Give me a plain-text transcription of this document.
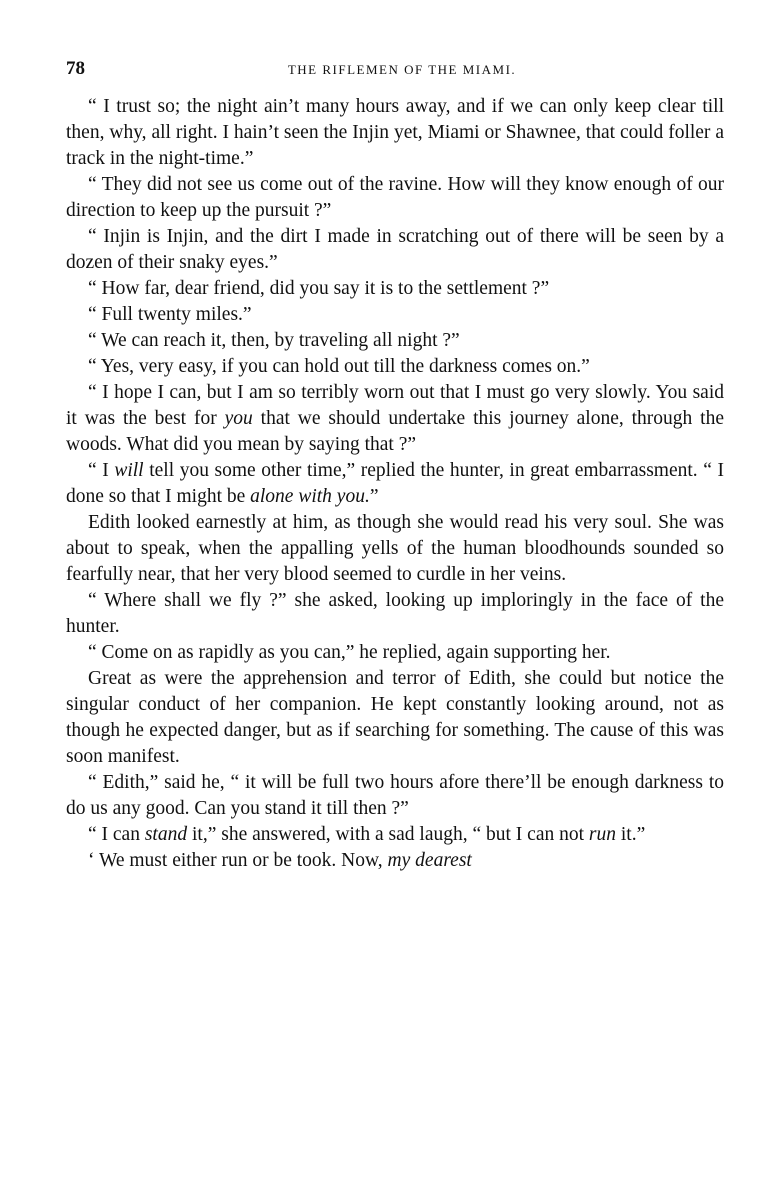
78	THE RIFLEMEN OF THE MIAMI.

“ I trust so; the night ain’t many hours away, and if we can only keep clear till then, why, all right. I hain’t seen the Injin yet, Miami or Shawnee, that could foller a track in the night-time.”

“ They did not see us come out of the ravine. How will they know enough of our direction to keep up the pursuit ?”

“ Injin is Injin, and the dirt I made in scratching out of there will be seen by a dozen of their snaky eyes.”

“ How far, dear friend, did you say it is to the settlement ?”

“ Full twenty miles.”

“ We can reach it, then, by traveling all night ?”

“ Yes, very easy, if you can hold out till the darkness comes on.”

“ I hope I can, but I am so terribly worn out that I must go very slowly. You said it was the best for you that we should undertake this journey alone, through the woods. What did you mean by saying that ?”

“ I will tell you some other time,” replied the hunter, in great embarrassment. “ I done so that I might be alone with you.”

Edith looked earnestly at him, as though she would read his very soul. She was about to speak, when the appalling yells of the human bloodhounds sounded so fearfully near, that her very blood seemed to curdle in her veins.

“ Where shall we fly ?” she asked, looking up imploringly in the face of the hunter.

“ Come on as rapidly as you can,” he replied, again supporting her.

Great as were the apprehension and terror of Edith, she could but notice the singular conduct of her companion. He kept constantly looking around, not as though he expected danger, but as if searching for something. The cause of this was soon manifest.

“ Edith,” said he, “ it will be full two hours afore there’ll be enough darkness to do us any good. Can you stand it till then ?”

“ I can stand it,” she answered, with a sad laugh, “ but I can not run it.”

‘ We must either run or be took. Now, my dearest
